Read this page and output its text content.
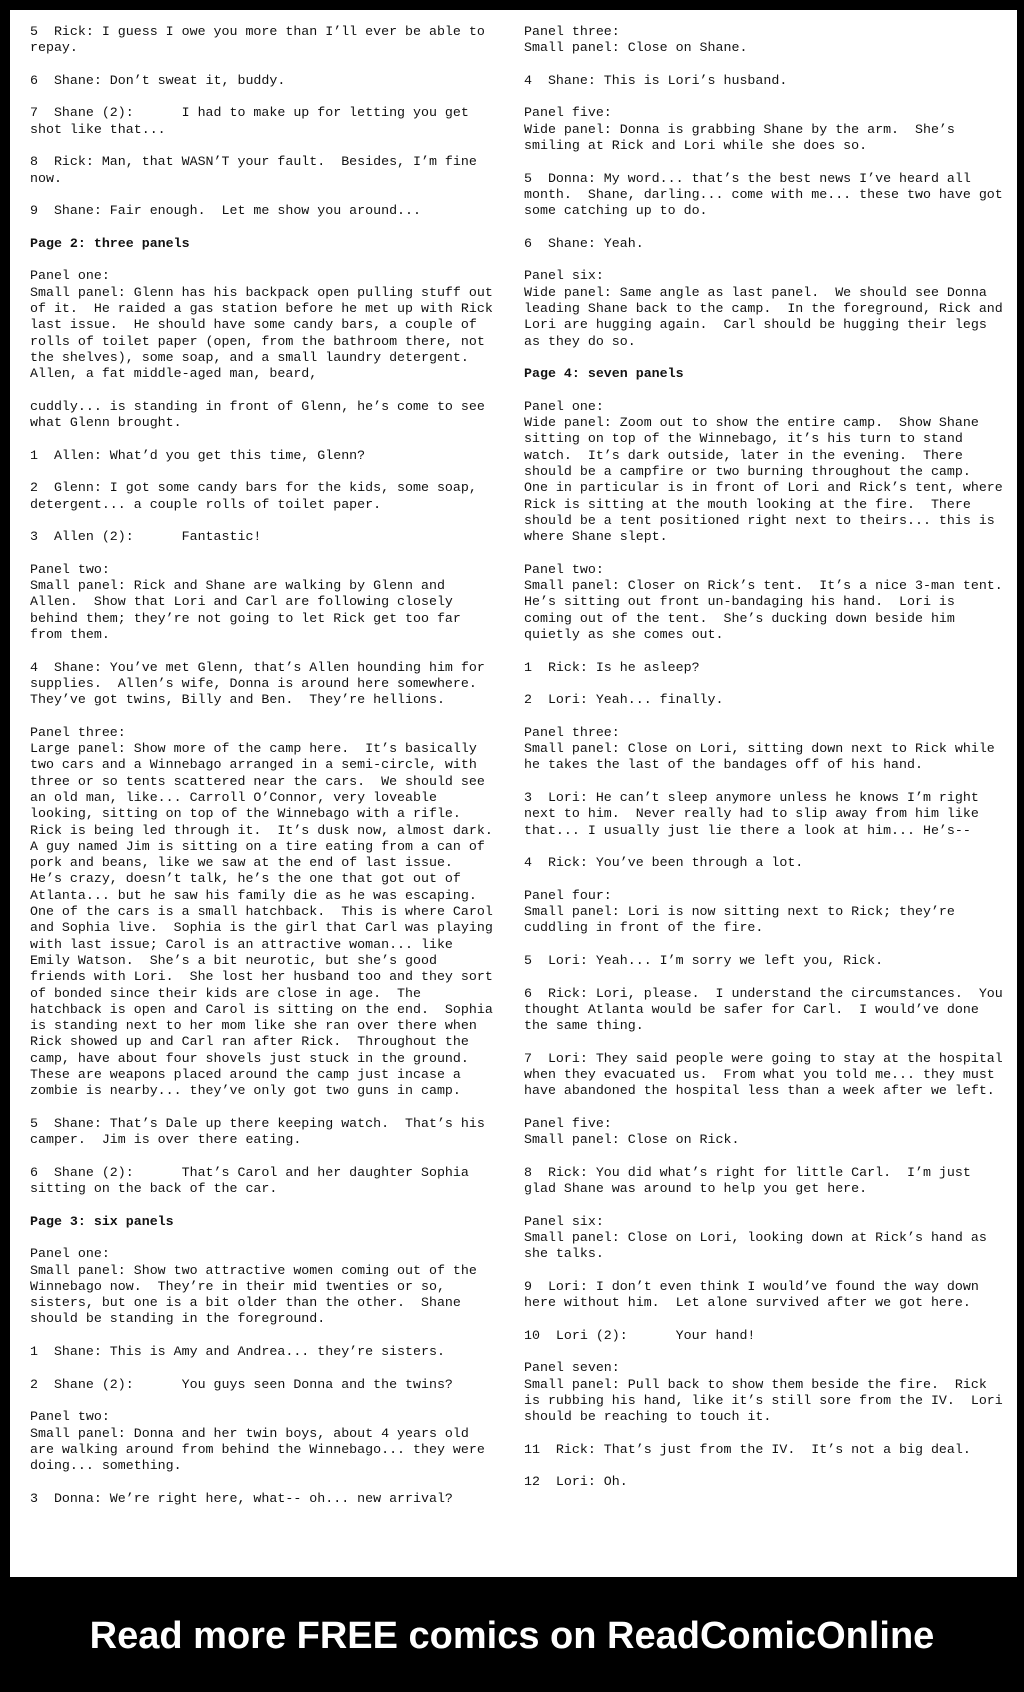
5  Rick: I guess I owe you more than I’ll ever be able to repay.
6  Shane: Don’t sweat it, buddy.
7  Shane (2):      I had to make up for letting you get shot like that...
8  Rick: Man, that WASN’T your fault.  Besides, I’m fine now.
9  Shane: Fair enough.  Let me show you around...
Page 2: three panels
Panel one:
Small panel: Glenn has his backpack open pulling stuff out of it.  He raided a gas station before he met up with Rick last issue.  He should have some candy bars, a couple of rolls of toilet paper (open, from the bathroom there, not the shelves), some soap, and a small laundry detergent.  Allen, a fat middle-aged man, beard,
cuddly... is standing in front of Glenn, he’s come to see what Glenn brought.
1  Allen: What’d you get this time, Glenn?
2  Glenn: I got some candy bars for the kids, some soap, detergent... a couple rolls of toilet paper.
3  Allen (2):      Fantastic!
Panel two:
Small panel: Rick and Shane are walking by Glenn and Allen.  Show that Lori and Carl are following closely behind them; they’re not going to let Rick get too far from them.
4  Shane: You’ve met Glenn, that’s Allen hounding him for supplies.  Allen’s wife, Donna is around here somewhere.  They’ve got twins, Billy and Ben.  They’re hellions.
Panel three:
Large panel: Show more of the camp here.  It’s basically two cars and a Winnebago arranged in a semi-circle, with three or so tents scattered near the cars.  We should see an old man, like... Carroll O’Connor, very loveable looking, sitting on top of the Winnebago with a rifle.  Rick is being led through it.  It’s dusk now, almost dark.  A guy named Jim is sitting on a tire eating from a can of pork and beans, like we saw at the end of last issue.  He’s crazy, doesn’t talk, he’s the one that got out of Atlanta... but he saw his family die as he was escaping.  One of the cars is a small hatchback.  This is where Carol and Sophia live.  Sophia is the girl that Carl was playing with last issue; Carol is an attractive woman... like Emily Watson.  She’s a bit neurotic, but she’s good friends with Lori.  She lost her husband too and they sort of bonded since their kids are close in age.  The hatchback is open and Carol is sitting on the end.  Sophia is standing next to her mom like she ran over there when Rick showed up and Carl ran after Rick.  Throughout the camp, have about four shovels just stuck in the ground.  These are weapons placed around the camp just incase a zombie is nearby... they’ve only got two guns in camp.
5  Shane: That’s Dale up there keeping watch.  That’s his camper.  Jim is over there eating.
6  Shane (2):      That’s Carol and her daughter Sophia sitting on the back of the car.
Page 3: six panels
Panel one:
Small panel: Show two attractive women coming out of the Winnebago now.  They’re in their mid twenties or so, sisters, but one is a bit older than the other.  Shane should be standing in the foreground.
1  Shane: This is Amy and Andrea... they’re sisters.
2  Shane (2):      You guys seen Donna and the twins?
Panel two:
Small panel: Donna and her twin boys, about 4 years old are walking around from behind the Winnebago... they were doing... something.
3  Donna: We’re right here, what-- oh... new arrival?
Panel three:
Small panel: Close on Shane.
4  Shane: This is Lori’s husband.
Panel five:
Wide panel: Donna is grabbing Shane by the arm.  She’s smiling at Rick and Lori while she does so.
5  Donna: My word... that’s the best news I’ve heard all month.  Shane, darling... come with me... these two have got some catching up to do.
6  Shane: Yeah.
Panel six:
Wide panel: Same angle as last panel.  We should see Donna leading Shane back to the camp.  In the foreground, Rick and Lori are hugging again.  Carl should be hugging their legs as they do so.
Page 4: seven panels
Panel one:
Wide panel: Zoom out to show the entire camp.  Show Shane sitting on top of the Winnebago, it’s his turn to stand watch.  It’s dark outside, later in the evening.  There should be a campfire or two burning throughout the camp.  One in particular is in front of Lori and Rick’s tent, where Rick is sitting at the mouth looking at the fire.  There should be a tent positioned right next to theirs... this is where Shane slept.
Panel two:
Small panel: Closer on Rick’s tent.  It’s a nice 3-man tent.  He’s sitting out front un-bandaging his hand.  Lori is coming out of the tent.  She’s ducking down beside him quietly as she comes out.
1  Rick: Is he asleep?
2  Lori: Yeah... finally.
Panel three:
Small panel: Close on Lori, sitting down next to Rick while he takes the last of the bandages off of his hand.
3  Lori: He can’t sleep anymore unless he knows I’m right next to him.  Never really had to slip away from him like that... I usually just lie there a look at him... He’s--
4  Rick: You’ve been through a lot.
Panel four:
Small panel: Lori is now sitting next to Rick; they’re cuddling in front of the fire.
5  Lori: Yeah... I’m sorry we left you, Rick.
6  Rick: Lori, please.  I understand the circumstances.  You thought Atlanta would be safer for Carl.  I would’ve done the same thing.
7  Lori: They said people were going to stay at the hospital when they evacuated us.  From what you told me... they must have abandoned the hospital less than a week after we left.
Panel five:
Small panel: Close on Rick.
8  Rick: You did what’s right for little Carl.  I’m just glad Shane was around to help you get here.
Panel six:
Small panel: Close on Lori, looking down at Rick’s hand as she talks.
9  Lori: I don’t even think I would’ve found the way down here without him.  Let alone survived after we got here.
10  Lori (2):      Your hand!
Panel seven:
Small panel: Pull back to show them beside the fire.  Rick is rubbing his hand, like it’s still sore from the IV.  Lori should be reaching to touch it.
11  Rick: That’s just from the IV.  It’s not a big deal.
12  Lori: Oh.
Read more FREE comics on ReadComicOnline
